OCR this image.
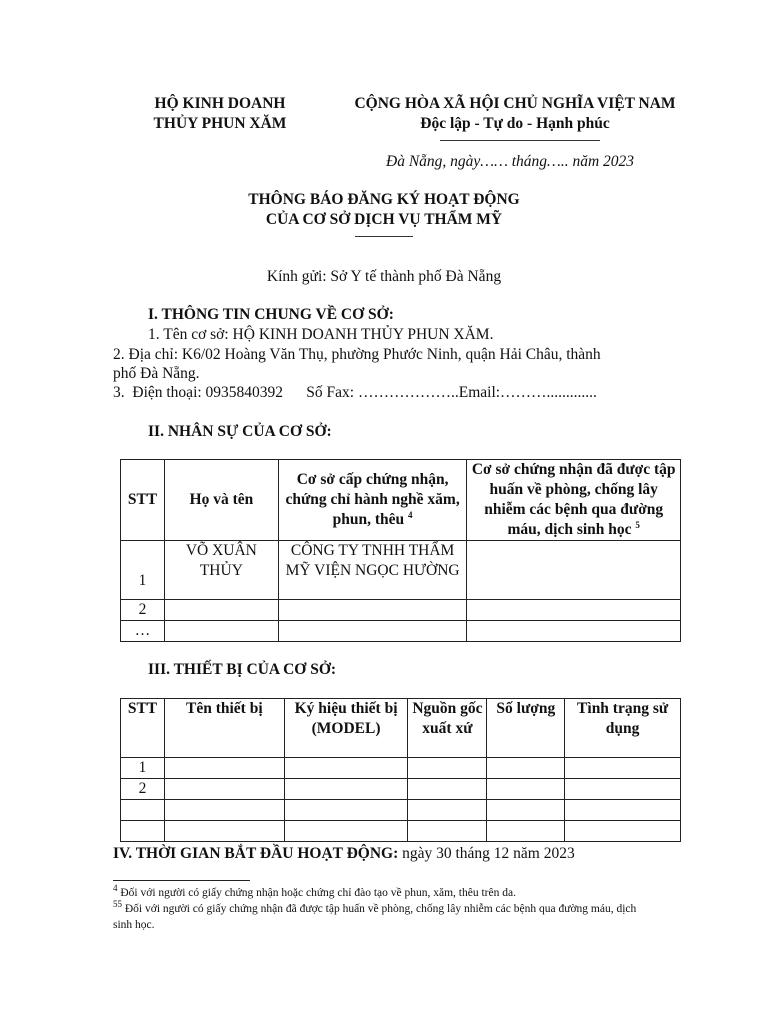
HỘ KINH DOANH
THỦY PHUN XĂM
CỘNG HÒA XÃ HỘI CHỦ NGHĨA VIỆT NAM
Độc lập - Tự do - Hạnh phúc
Đà Nẵng, ngày…… tháng….. năm 2023
THÔNG BÁO ĐĂNG KÝ HOẠT ĐỘNG
CỦA CƠ SỞ DỊCH VỤ THẨM MỸ
Kính gửi: Sở Y tế thành phố Đà Nẵng
I. THÔNG TIN CHUNG VỀ CƠ SỞ:
1. Tên cơ sở: HỘ KINH DOANH THỦY PHUN XĂM.
2. Địa chỉ: K6/02 Hoàng Văn Thụ, phường Phước Ninh, quận Hải Châu, thành
phố Đà Nẵng.
3.  Điện thoại: 0935840392      Số Fax: ………………..Email:……….............
II. NHÂN SỰ CỦA CƠ SỞ:
STT	Họ và tên	Cơ sở cấp chứng nhận, chứng chỉ hành nghề xăm, phun, thêu $^4$	Cơ sở chứng nhận đã được tập huấn về phòng, chống lây nhiễm các bệnh qua đường máu, dịch sinh học $^5$
1	VÕ XUÂN THỦY	CÔNG TY TNHH THẨM MỸ VIỆN NGỌC HƯỜNG	
2			
…			
III. THIẾT BỊ CỦA CƠ SỞ:
STT	Tên thiết bị	Ký hiệu thiết bị (MODEL)	Nguồn gốc xuất xứ	Số lượng	Tình trạng sử dụng
1					
2					

IV. THỜI GIAN BẮT ĐẦU HOẠT ĐỘNG: ngày 30 tháng 12 năm 2023
$^4$ Đối với người có giấy chứng nhận hoặc chứng chỉ đào tạo về phun, xăm, thêu trên da.
$^{55}$ Đối với người có giấy chứng nhận đã được tập huấn về phòng, chống lây nhiễm các bệnh qua đường máu, dịch sinh học.
